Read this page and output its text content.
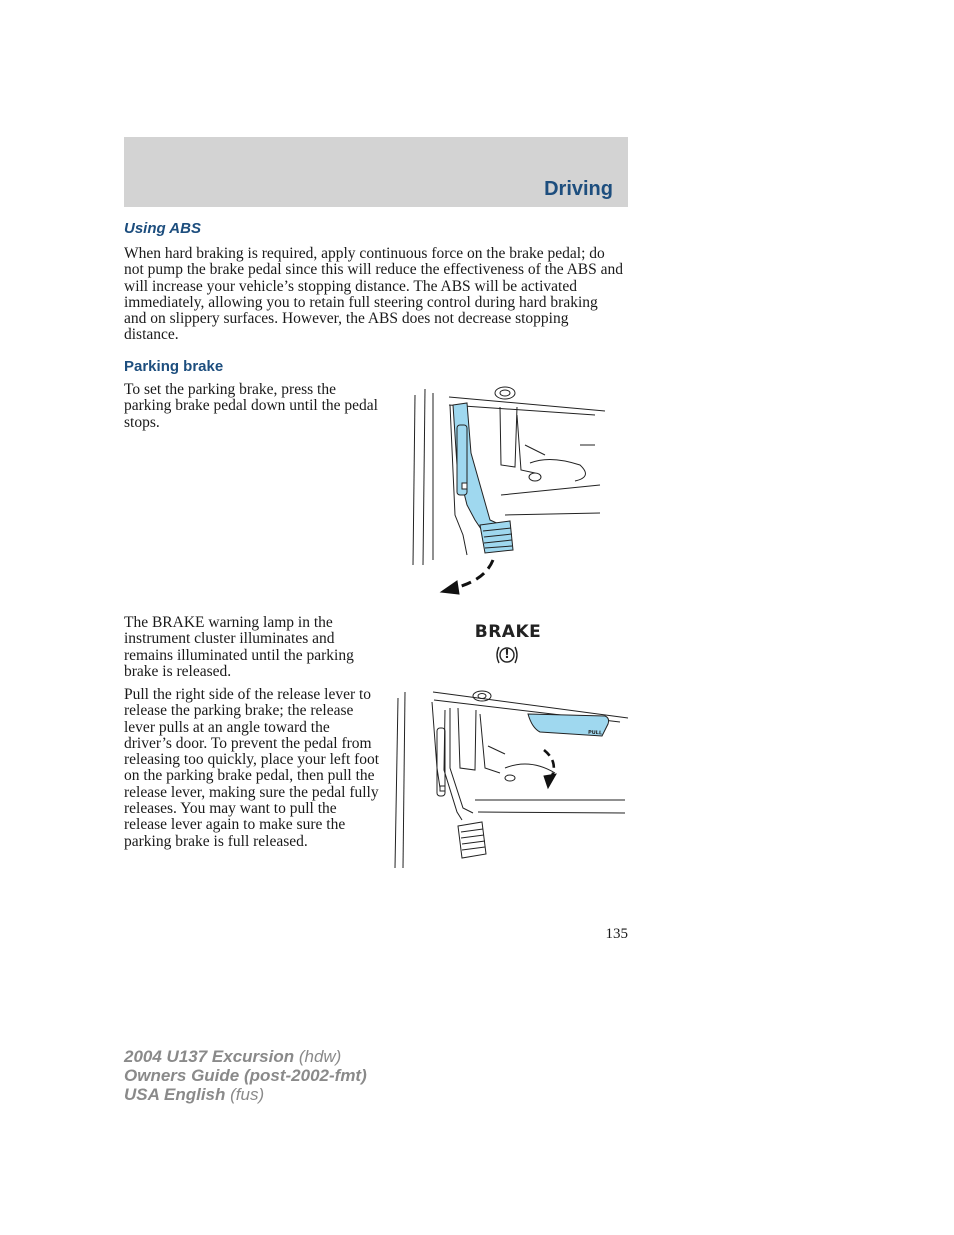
Driving
Using ABS

When hard braking is required, apply continuous force on the brake pedal; do not pump the brake pedal since this will reduce the effectiveness of the ABS and will increase your vehicle’s stopping distance. The ABS will be activated immediately, allowing you to retain full steering control during hard braking and on slippery surfaces. However, the ABS does not decrease stopping distance.

Parking brake

To set the parking brake, press the parking brake pedal down until the pedal stops.

The BRAKE warning lamp in the instrument cluster illuminates and remains illuminated until the parking brake is released.

Pull the right side of the release lever to release the parking brake; the release lever pulls at an angle toward the driver’s door. To prevent the pedal from releasing too quickly, place your left foot on the parking brake pedal, then pull the release lever, making sure the pedal fully releases. You may want to pull the release lever again to make sure the parking brake is full released.

BRAKE
!
PULL
135
2004 U137 Excursion (hdw)
Owners Guide (post-2002-fmt)
USA English (fus)
